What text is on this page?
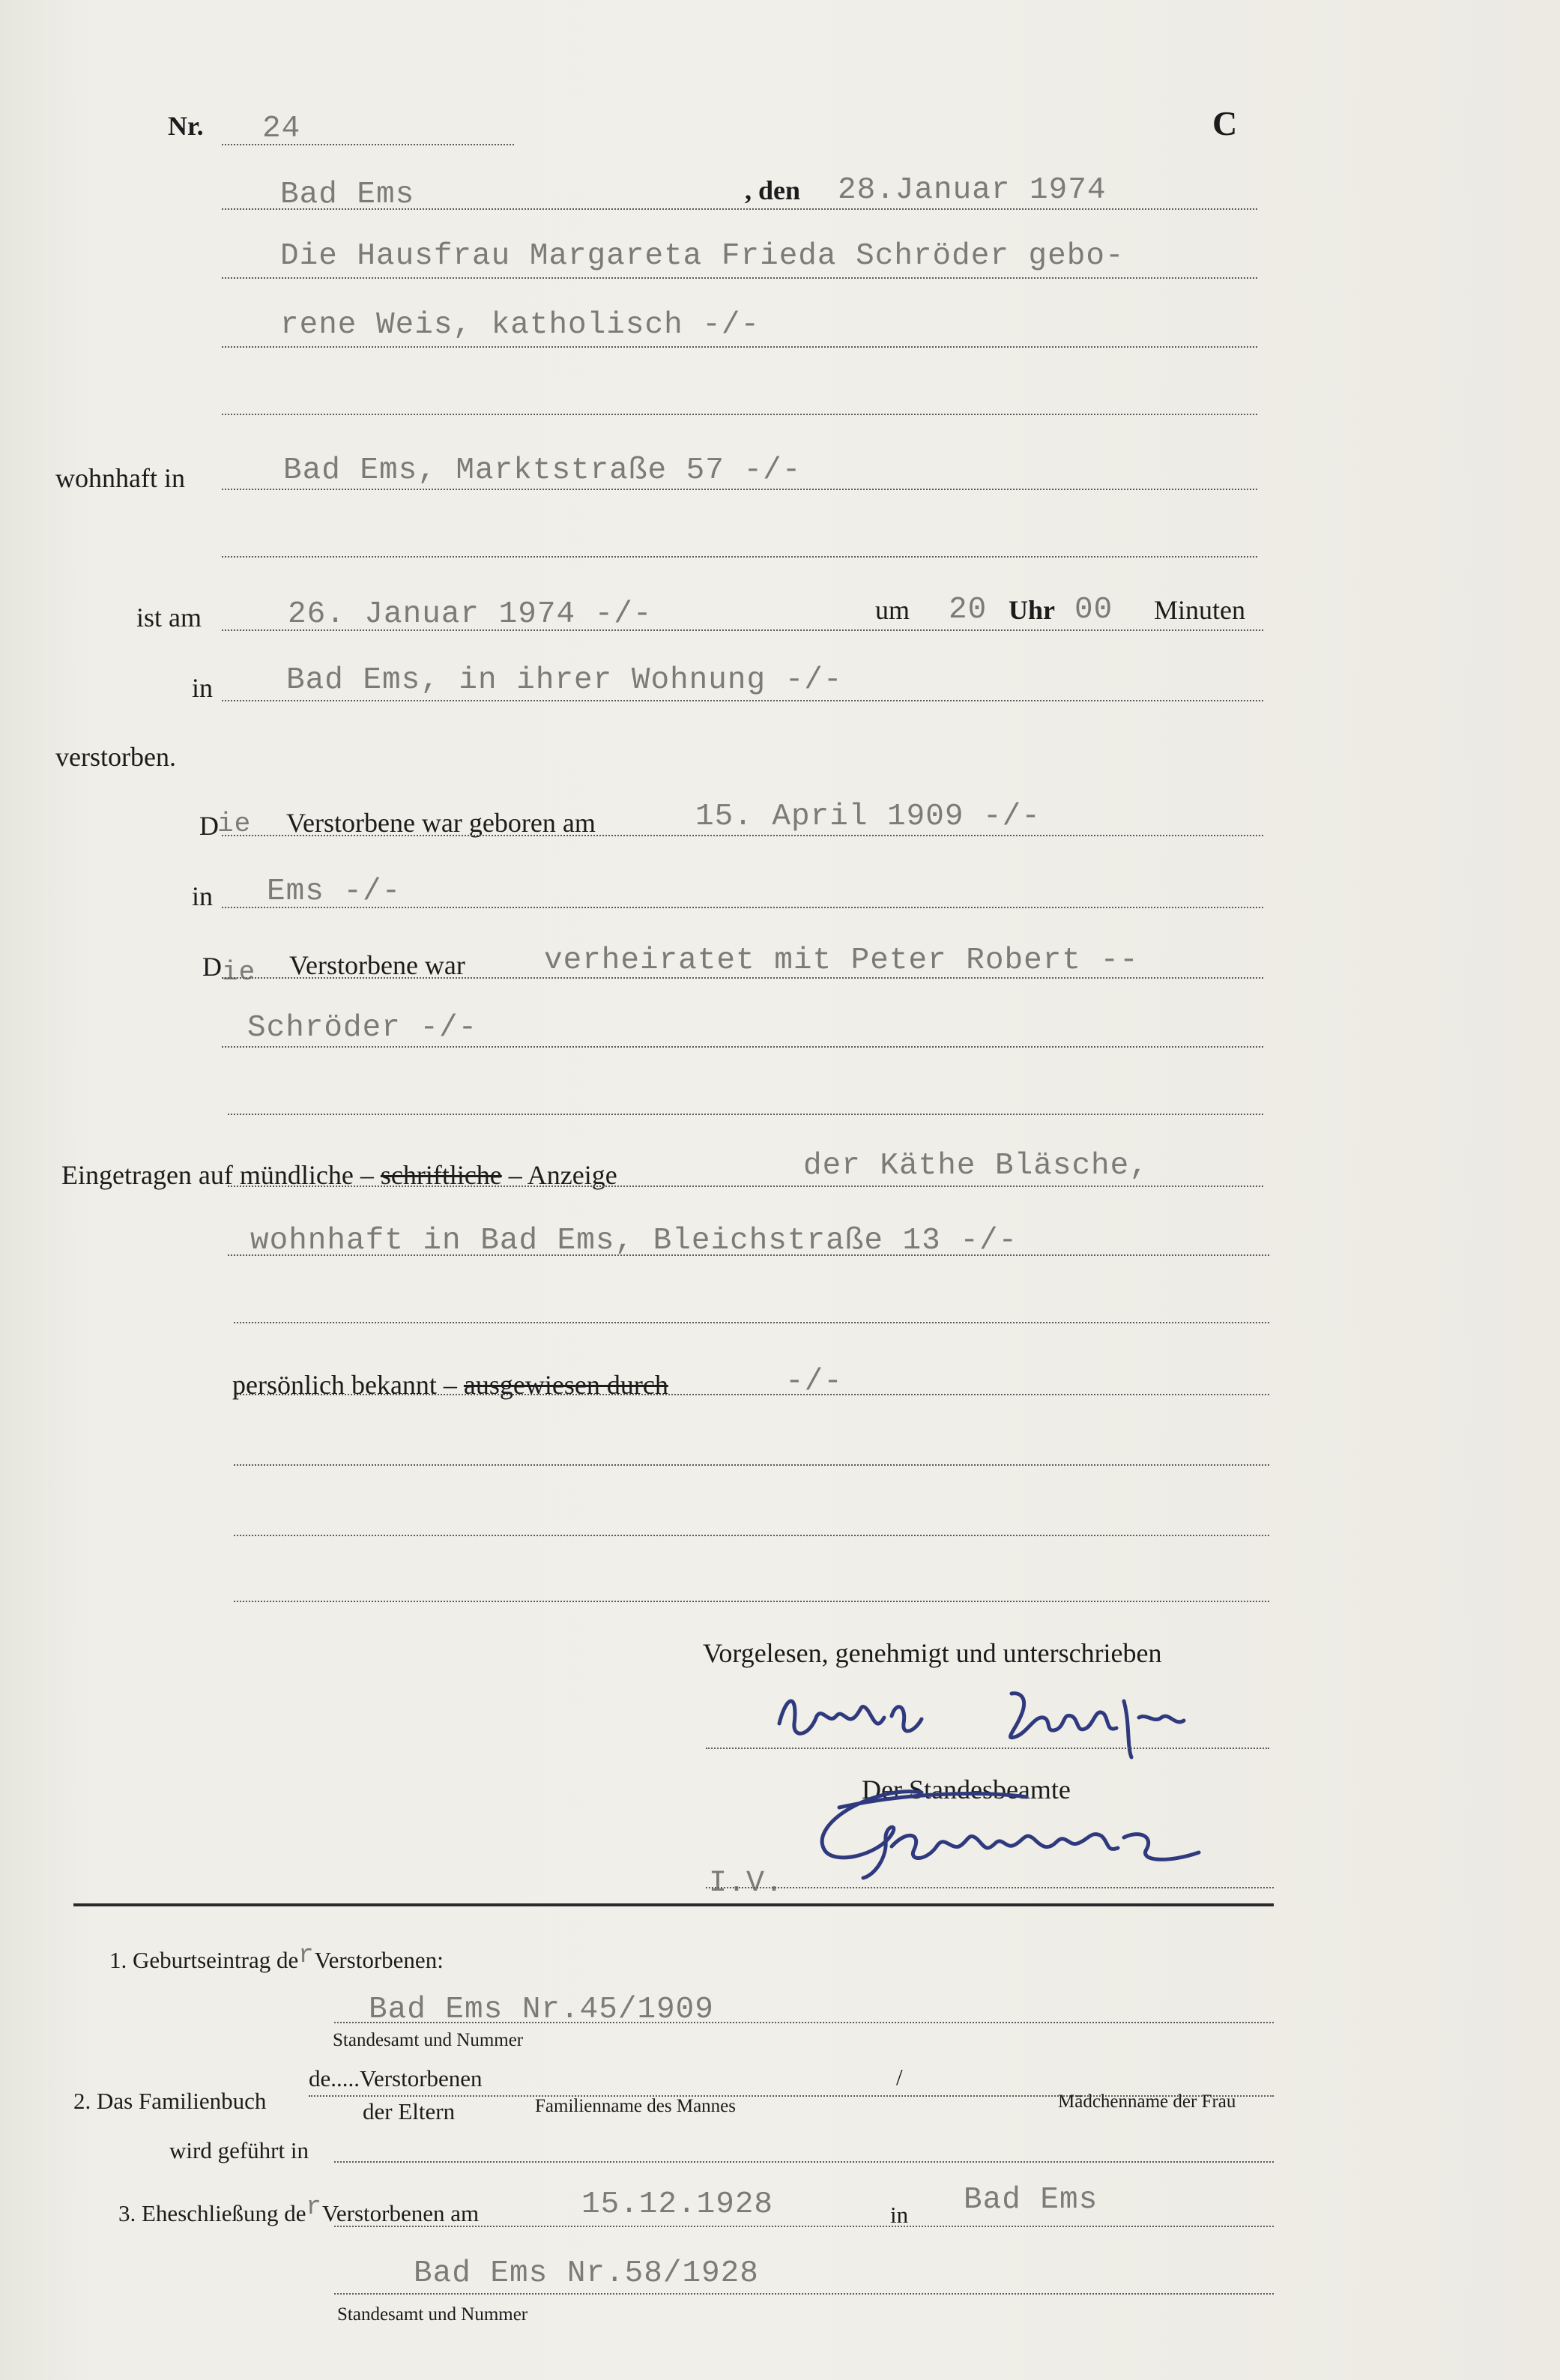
Nr. 24	C
Bad Ems	, den 28.Januar 1974
Die Hausfrau Margareta Frieda Schröder gebo-
rene Weis, katholisch -/-
wohnhaft in	Bad Ems, Marktstraße 57 -/-
ist am	26. Januar 1974 -/-	um 20 Uhr 00 Minuten
in Bad Ems, in ihrer Wohnung -/-
verstorben.
D
ie Verstorbene war geboren am	15. April 1909 -/-
in Ems -/-
D ie Verstorbene war	verheiratet mit Peter Robert --
Schröder -/-
Eingetragen auf mündliche – schriftliche – Anzeige	der Käthe Bläsche,
wohnhaft in Bad Ems, Bleichstraße 13 -/-
persönlich bekannt – ausgewiesen durch	-/-
Vorgelesen, genehmigt und unterschrieben
Der Standesbeamte
I.V.
1. Geburtseintrag derVerstorbenen:
Bad Ems Nr.45/1909
Standesamt und Nummer
2. Das Familienbuch
de.....Verstorbenen
der Eltern
/
Familienname des Mannes	Mädchenname der Frau
wird geführt in
3. Eheschließung derVerstorbenen am	15.12.1928	in Bad Ems
Bad Ems Nr.58/1928
Standesamt und Nummer
